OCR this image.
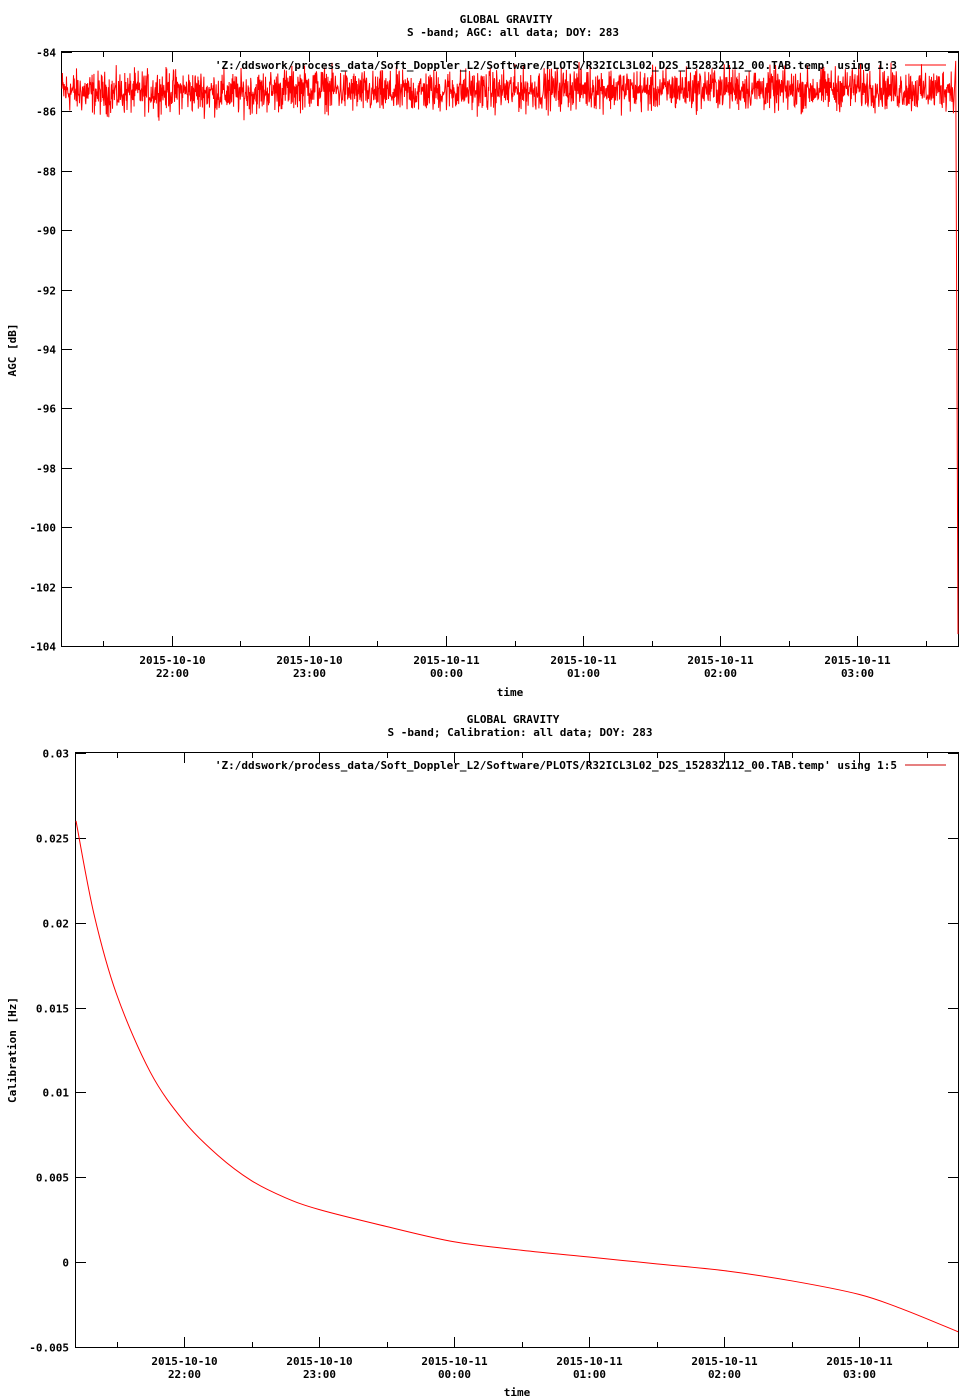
GLOBAL GRAVITY
S -band; AGC: all data; DOY: 283
-84
-86
-88
-90
-92
-94
-96
-98
-100
-102
-104
2015-10-10
22:00
2015-10-10
23:00
2015-10-11
00:00
2015-10-11
01:00
2015-10-11
02:00
2015-10-11
03:00
'Z:/ddswork/process_data/Soft_Doppler_L2/Software/PLOTS/R32ICL3L02_D2S_152832112_00.TAB.temp' using 1:3
time
AGC [dB]
GLOBAL GRAVITY
S -band; Calibration: all data; DOY: 283
0.03
0.025
0.02
0.015
0.01
0.005
0
-0.005
2015-10-10
22:00
2015-10-10
23:00
2015-10-11
00:00
2015-10-11
01:00
2015-10-11
02:00
2015-10-11
03:00
'Z:/ddswork/process_data/Soft_Doppler_L2/Software/PLOTS/R32ICL3L02_D2S_152832112_00.TAB.temp' using 1:5
time
Calibration [Hz]
